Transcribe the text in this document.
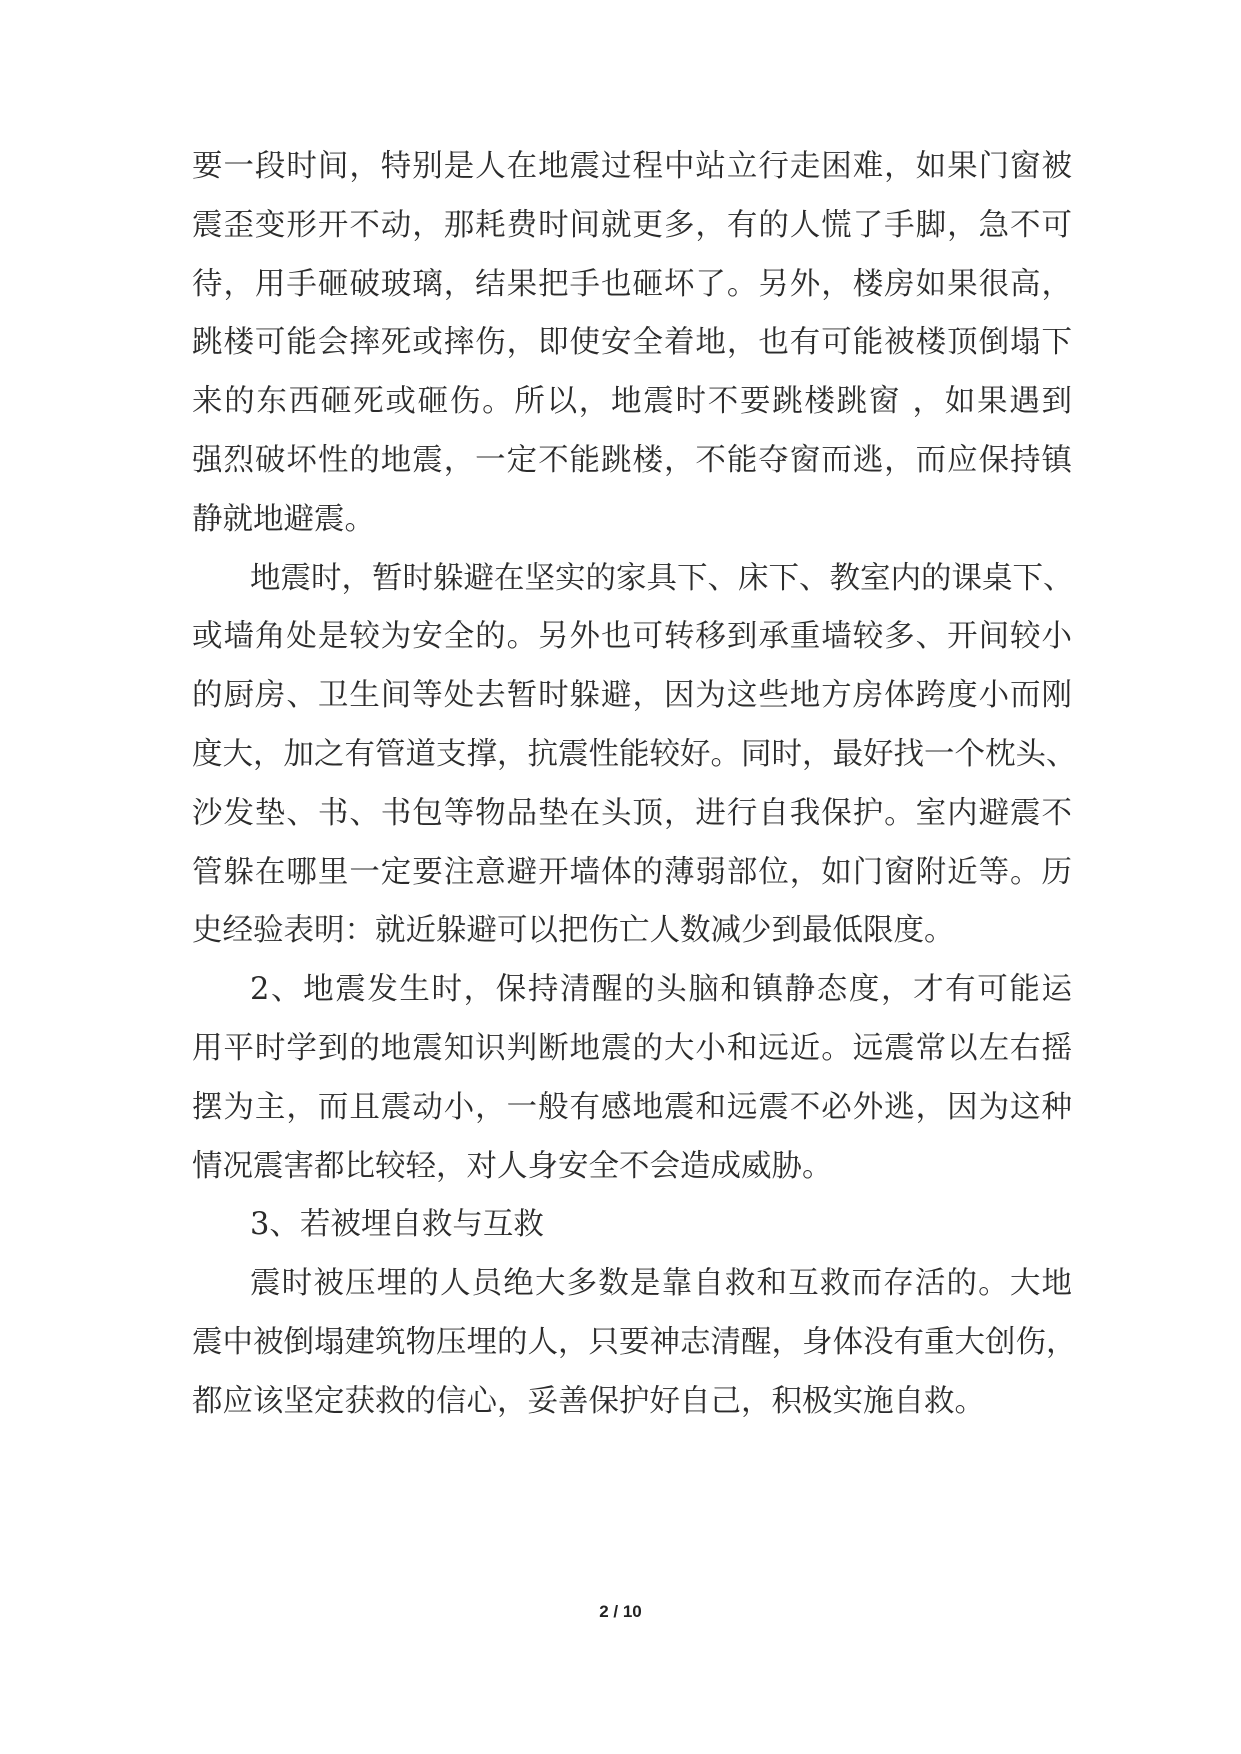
要一段时间，特别是人在地震过程中站立行走困难，如果门窗被
震歪变形开不动，那耗费时间就更多，有的人慌了手脚，急不可
待，用手砸破玻璃，结果把手也砸坏了。另外，楼房如果很高，
跳楼可能会摔死或摔伤，即使安全着地，也有可能被楼顶倒塌下
来的东西砸死或砸伤。所以，地震时不要跳楼跳窗 ，如果遇到
强烈破坏性的地震，一定不能跳楼，不能夺窗而逃，而应保持镇
静就地避震。
地震时，暂时躲避在坚实的家具下、床下、教室内的课桌下、
或墙角处是较为安全的。另外也可转移到承重墙较多、开间较小
的厨房、卫生间等处去暂时躲避，因为这些地方房体跨度小而刚
度大，加之有管道支撑，抗震性能较好。同时，最好找一个枕头、
沙发垫、书、书包等物品垫在头顶，进行自我保护。室内避震不
管躲在哪里一定要注意避开墙体的薄弱部位，如门窗附近等。历
史经验表明：就近躲避可以把伤亡人数减少到最低限度。
2、地震发生时，保持清醒的头脑和镇静态度，才有可能运
用平时学到的地震知识判断地震的大小和远近。远震常以左右摇
摆为主，而且震动小，一般有感地震和远震不必外逃，因为这种
情况震害都比较轻，对人身安全不会造成威胁。
3、若被埋自救与互救
震时被压埋的人员绝大多数是靠自救和互救而存活的。大地
震中被倒塌建筑物压埋的人，只要神志清醒，身体没有重大创伤，
都应该坚定获救的信心，妥善保护好自己，积极实施自救。
2 / 10
